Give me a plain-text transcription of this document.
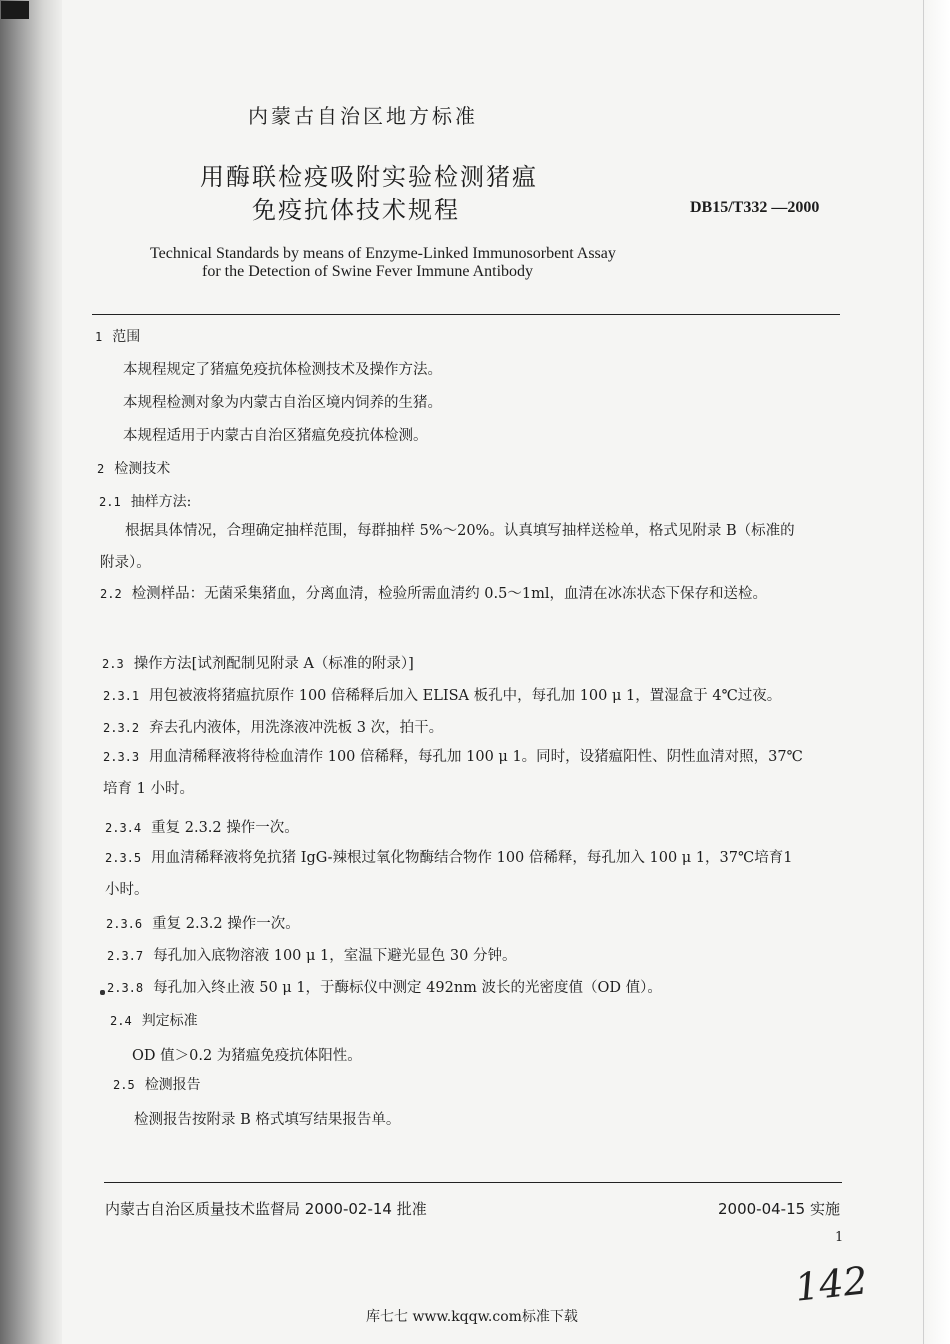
内蒙古自治区地方标准
用酶联检疫吸附实验检测猪瘟
免疫抗体技术规程	DB15/T332 —2000
Technical Standards by means of Enzyme-Linked Immunosorbent Assay
for the Detection of Swine Fever Immune Antibody
1 范围
本规程规定了猪瘟免疫抗体检测技术及操作方法。
本规程检测对象为内蒙古自治区境内饲养的生猪。
本规程适用于内蒙古自治区猪瘟免疫抗体检测。
2 检测技术
2.1 抽样方法:
根据具体情况，合理确定抽样范围，每群抽样 5%～20%。认真填写抽样送检单，格式见附录 B（标准的附录）。
2.2 检测样品：无菌采集猪血，分离血清，检验所需血清约 0.5～1ml，血清在冰冻状态下保存和送检。
2.3 操作方法[试剂配制见附录 A（标准的附录）]
2.3.1 用包被液将猪瘟抗原作 100 倍稀释后加入 ELISA 板孔中，每孔加 100 μ 1，置湿盒于 4℃过夜。
2.3.2 弃去孔内液体，用洗涤液冲洗板 3 次，拍干。
2.3.3 用血清稀释液将待检血清作 100 倍稀释，每孔加 100 μ 1。同时，设猪瘟阳性、阴性血清对照，37℃培育 1 小时。
2.3.4 重复 2.3.2 操作一次。
2.3.5 用血清稀释液将免抗猪 IgG-辣根过氧化物酶结合物作 100 倍稀释，每孔加入 100 μ 1，37℃培育1 小时。
2.3.6 重复 2.3.2 操作一次。
2.3.7 每孔加入底物溶液 100 μ 1，室温下避光显色 30 分钟。
2.3.8 每孔加入终止液 50 μ 1，于酶标仪中测定 492nm 波长的光密度值（OD 值）。
2.4 判定标准
OD 值＞0.2 为猪瘟免疫抗体阳性。
2.5 检测报告
检测报告按附录 B 格式填写结果报告单。
内蒙古自治区质量技术监督局 2000-02-14 批准	2000-04-15 实施
1
142
库七七 www.kqqw.com标准下载
